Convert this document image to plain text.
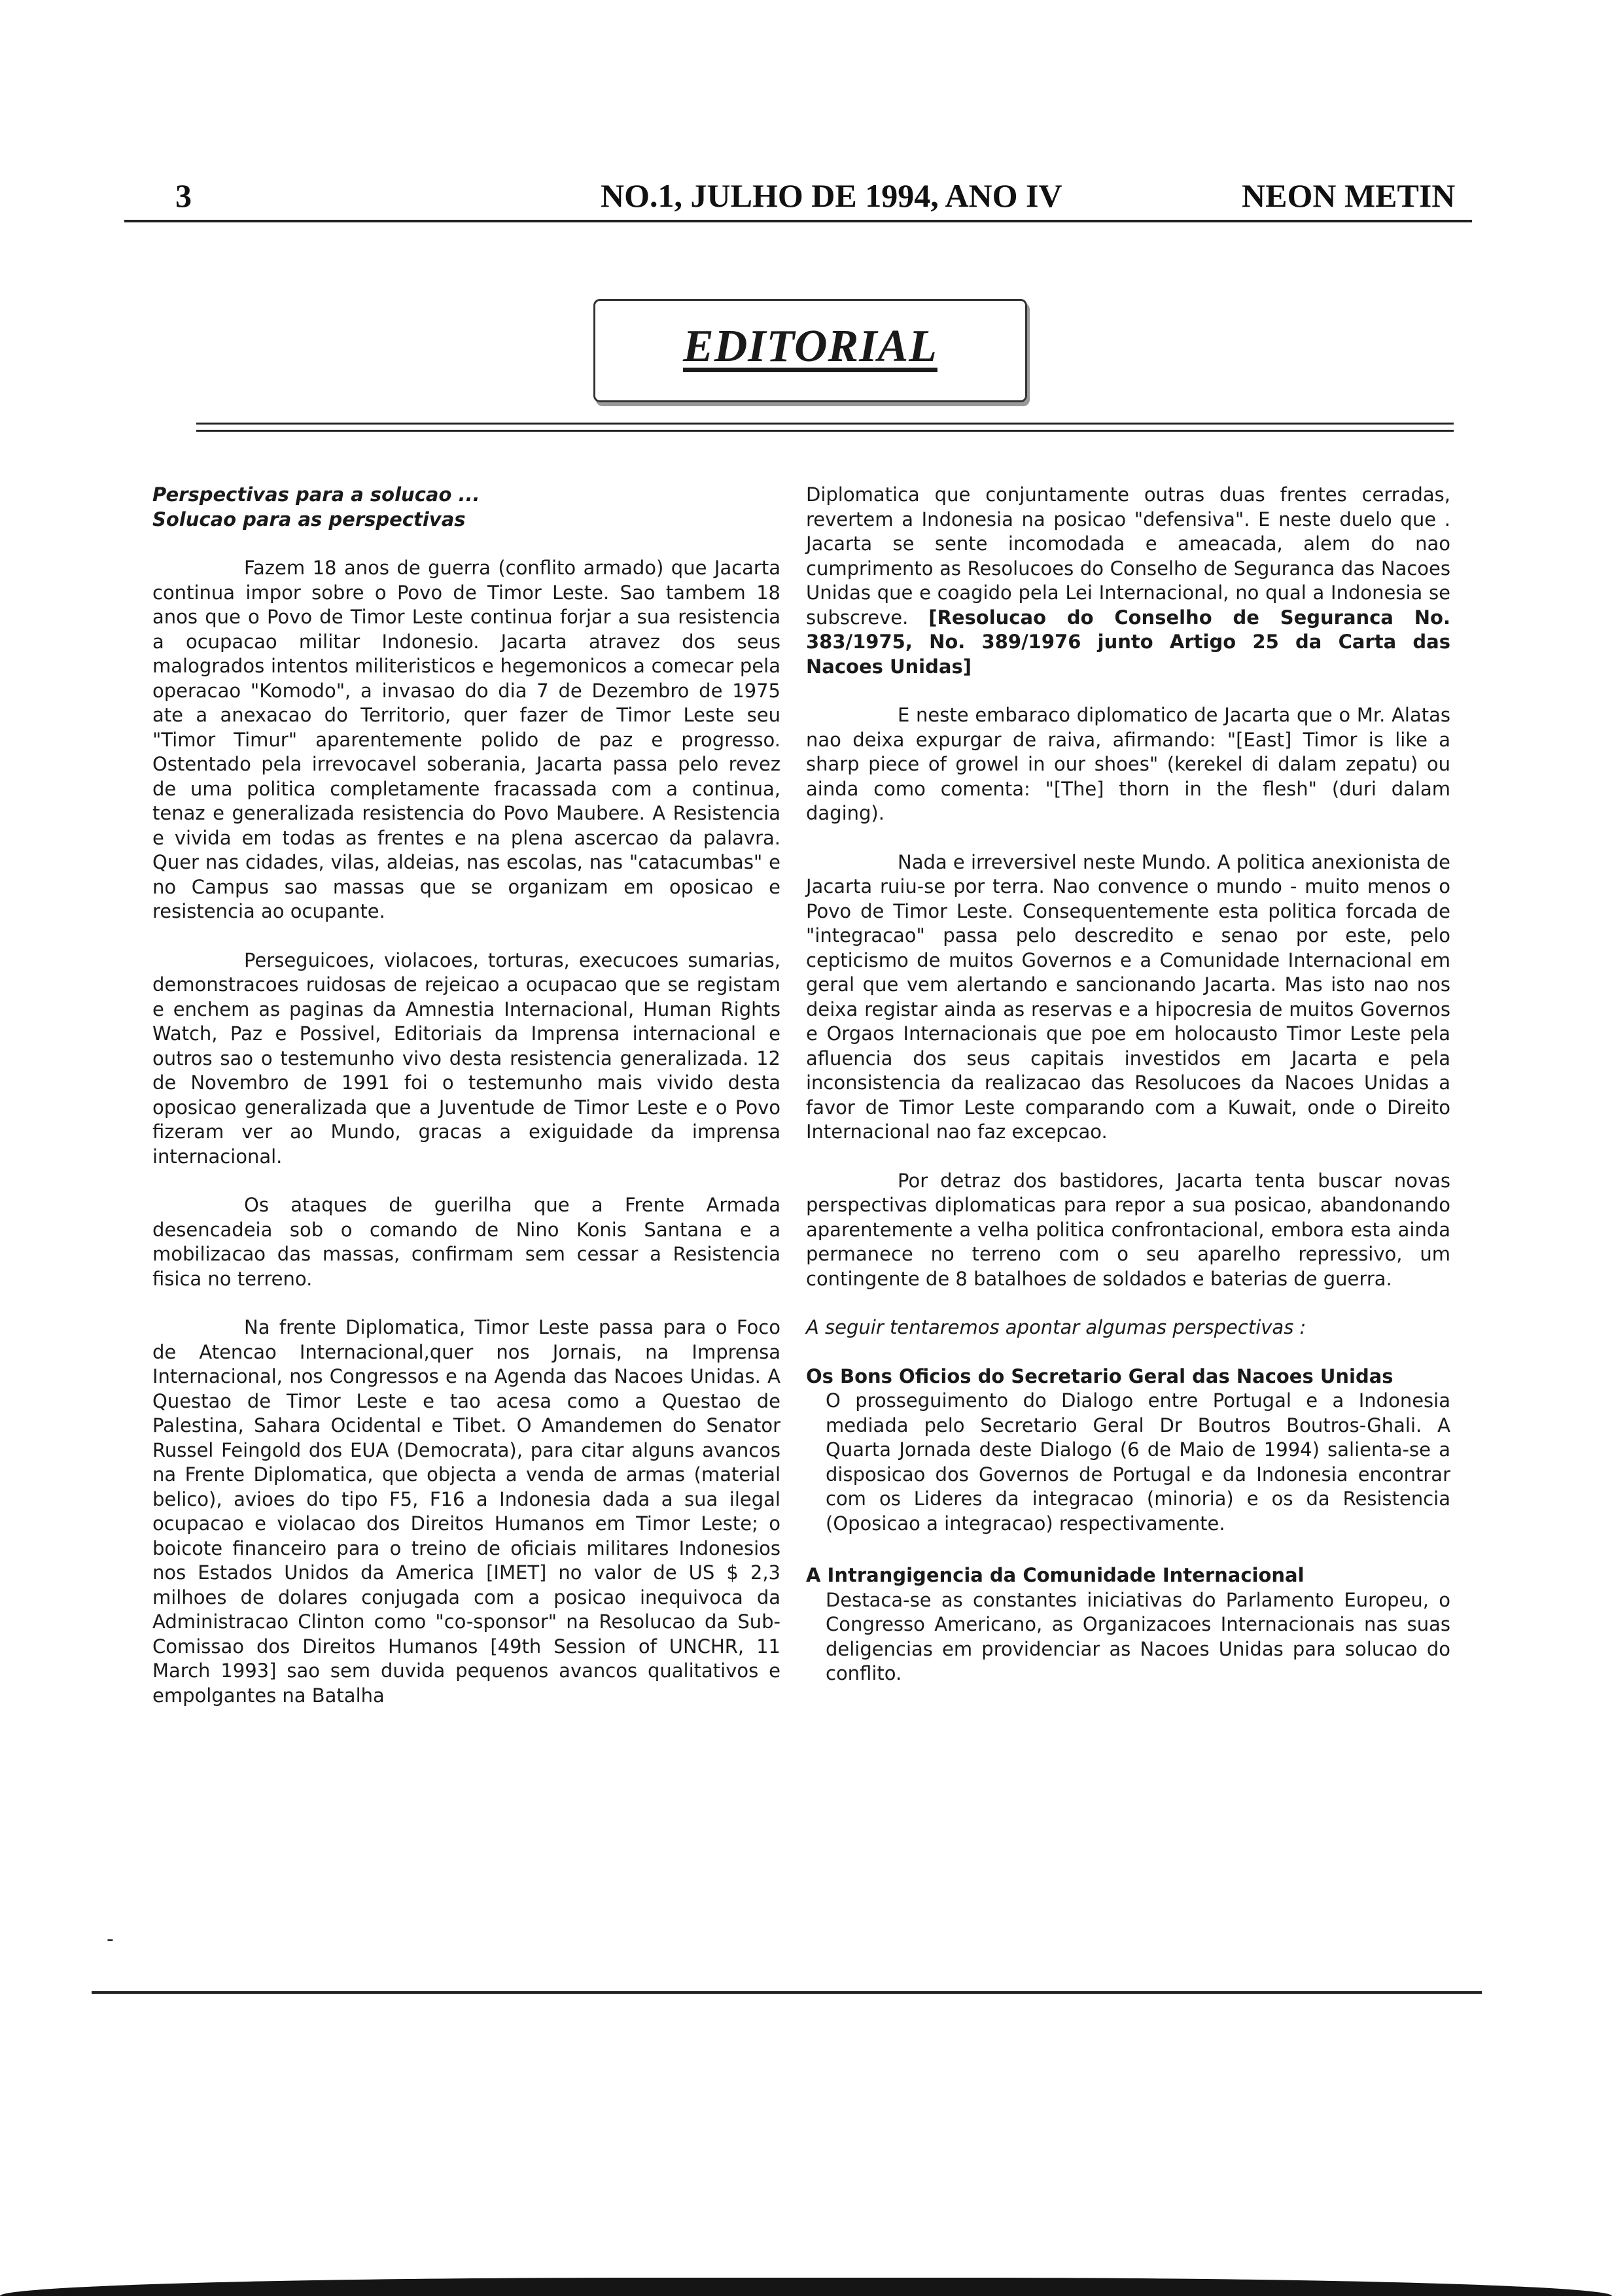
3	NO.1, JULHO DE 1994, ANO IV	NEON METIN
EDITORIAL

Perspectivas para a solucao ...

Solucao para as perspectivas

Fazem 18 anos de guerra (conflito armado) que Jacarta continua impor sobre o Povo de Timor Leste. Sao tambem 18 anos que o Povo de Timor Leste continua forjar a sua resistencia a ocupacao militar Indonesio. Jacarta atravez dos seus malogrados intentos militeristicos e hegemonicos a comecar pela operacao "Komodo", a invasao do dia 7 de Dezembro de 1975 ate a anexacao do Territorio, quer fazer de Timor Leste seu "Timor Timur" aparentemente polido de paz e progresso. Ostentado pela irrevocavel soberania, Jacarta passa pelo revez de uma politica completamente fracassada com a continua, tenaz e generalizada resistencia do Povo Maubere. A Resistencia e vivida em todas as frentes e na plena ascercao da palavra. Quer nas cidades, vilas, aldeias, nas escolas, nas "catacumbas" e no Campus sao massas que se organizam em oposicao e resistencia ao ocupante.

Perseguicoes, violacoes, torturas, execucoes sumarias, demonstracoes ruidosas de rejeicao a ocupacao que se registam e enchem as paginas da Amnestia Internacional, Human Rights Watch, Paz e Possivel, Editoriais da Imprensa internacional e outros sao o testemunho vivo desta resistencia generalizada. 12 de Novembro de 1991 foi o testemunho mais vivido desta oposicao generalizada que a Juventude de Timor Leste e o Povo fizeram ver ao Mundo, gracas a exiguidade da imprensa internacional.

Os ataques de guerilha que a Frente Armada desencadeia sob o comando de Nino Konis Santana e a mobilizacao das massas, confirmam sem cessar a Resistencia fisica no terreno.

Na frente Diplomatica, Timor Leste passa para o Foco de Atencao Internacional,quer nos Jornais, na Imprensa Internacional, nos Congressos e na Agenda das Nacoes Unidas. A Questao de Timor Leste e tao acesa como a Questao de Palestina, Sahara Ocidental e Tibet. O Amandemen do Senator Russel Feingold dos EUA (Democrata), para citar alguns avancos na Frente Diplomatica, que objecta a venda de armas (material belico), avioes do tipo F5, F16 a Indonesia dada a sua ilegal ocupacao e violacao dos Direitos Humanos em Timor Leste; o boicote financeiro para o treino de oficiais militares Indonesios nos Estados Unidos da America [IMET] no valor de US $ 2,3 milhoes de dolares conjugada com a posicao inequivoca da Administracao Clinton como "co-sponsor" na Resolucao da Sub-Comissao dos Direitos Humanos [49th Session of UNCHR, 11 March 1993] sao sem duvida pequenos avancos qualitativos e empolgantes na Batalha

-

Diplomatica que conjuntamente outras duas frentes cerradas, revertem a Indonesia na posicao "defensiva". E neste duelo que . Jacarta se sente incomodada e ameacada, alem do nao cumprimento as Resolucoes do Conselho de Seguranca das Nacoes Unidas que e coagido pela Lei Internacional, no qual a Indonesia se subscreve. [Resolucao do Conselho de Seguranca No. 383/1975, No. 389/1976 junto Artigo 25 da Carta das Nacoes Unidas]

E neste embaraco diplomatico de Jacarta que o Mr. Alatas nao deixa expurgar de raiva, afirmando: "[East] Timor is like a sharp piece of growel in our shoes" (kerekel di dalam zepatu) ou ainda como comenta: "[The] thorn in the flesh" (duri dalam daging).

Nada e irreversivel neste Mundo. A politica anexionista de Jacarta ruiu-se por terra. Nao convence o mundo - muito menos o Povo de Timor Leste. Consequentemente esta politica forcada de "integracao" passa pelo descredito e senao por este, pelo cepticismo de muitos Governos e a Comunidade Internacional em geral que vem alertando e sancionando Jacarta. Mas isto nao nos deixa registar ainda as reservas e a hipocresia de muitos Governos e Orgaos Internacionais que poe em holocausto Timor Leste pela afluencia dos seus capitais investidos em Jacarta e pela inconsistencia da realizacao das Resolucoes da Nacoes Unidas a favor de Timor Leste comparando com a Kuwait, onde o Direito Internacional nao faz excepcao.

Por detraz dos bastidores, Jacarta tenta buscar novas perspectivas diplomaticas para repor a sua posicao, abandonando aparentemente a velha politica confrontacional, embora esta ainda permanece no terreno com o seu aparelho repressivo, um contingente de 8 batalhoes de soldados e baterias de guerra.

A seguir tentaremos apontar algumas perspectivas :

Os Bons Oficios do Secretario Geral das Nacoes Unidas

O prosseguimento do Dialogo entre Portugal e a Indonesia mediada pelo Secretario Geral Dr Boutros Boutros-Ghali. A Quarta Jornada deste Dialogo (6 de Maio de 1994) salienta-se a disposicao dos Governos de Portugal e da Indonesia encontrar com os Lideres da integracao (minoria) e os da Resistencia (Oposicao a integracao) respectivamente.

A Intrangigencia da Comunidade Internacional

Destaca-se as constantes iniciativas do Parlamento Europeu, o Congresso Americano, as Organizacoes Internacionais nas suas deligencias em providenciar as Nacoes Unidas para solucao do conflito.
